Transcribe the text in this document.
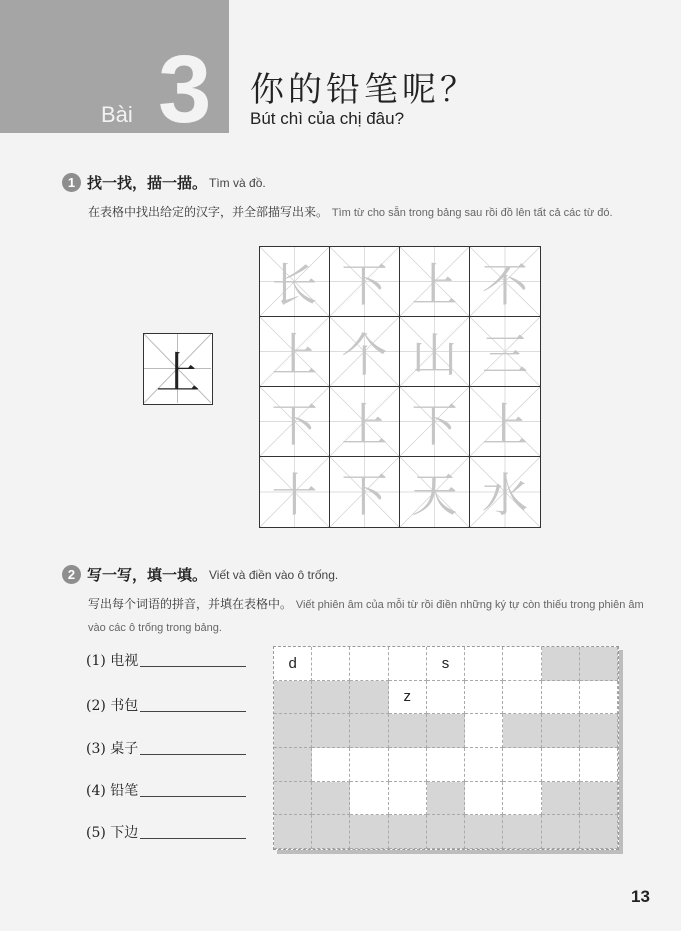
Bài 3 你的铅笔呢？
Bút chì của chị đâu?
1 找一找，描一描。 Tìm và đồ.
在表格中找出给定的汉字，并全部描写出来。 Tìm từ cho sẵn trong bảng sau rồi đồ lên tất cả các từ đó.
上
长 下 上 不
上 个 山 三
下 上 下 上
十 下 天 水
2 写一写，填一填。 Viết và điền vào ô trống.
写出每个词语的拼音，并填在表格中。 Viết phiên âm của mỗi từ rồi điền những ký tự còn thiếu trong phiên âm vào các ô trống trong bảng.
(1) 电视
(2) 书包
(3) 桌子
(4) 铅笔
(5) 下边
d	s
z
13
